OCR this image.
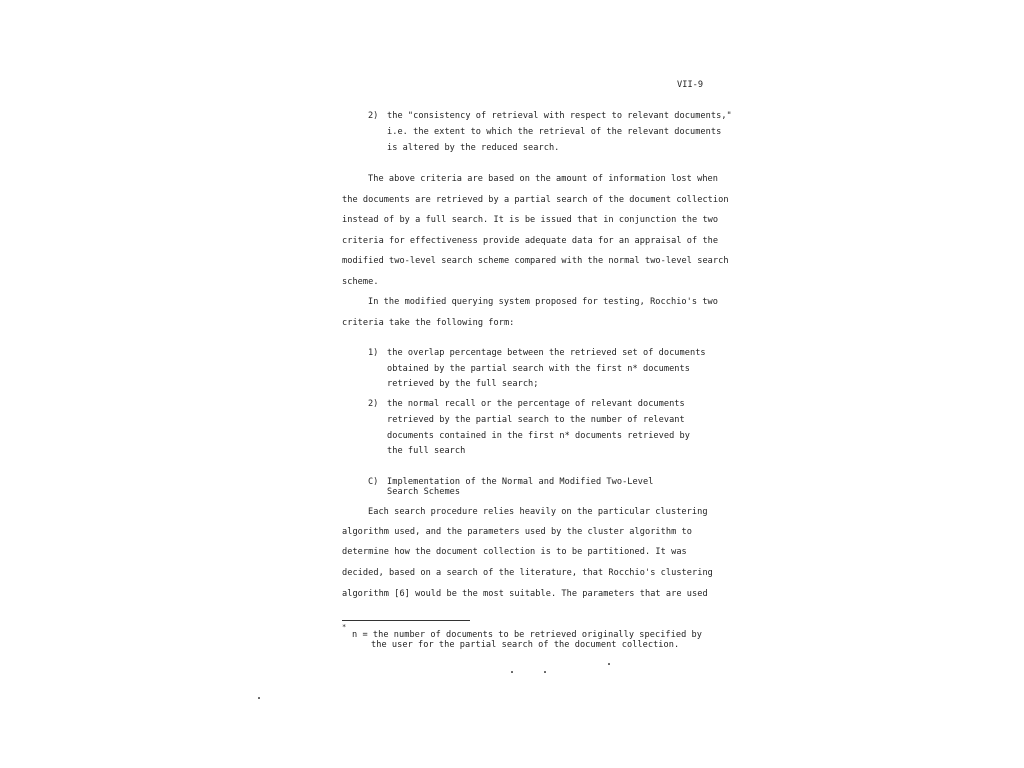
VII-9
2) the "consistency of retrieval with respect to relevant documents,"
i.e. the extent to which the retrieval of the relevant documents
is altered by the reduced search.
The above criteria are based on the amount of information lost when
the documents are retrieved by a partial search of the document collection
instead of by a full search. It is be issued that in conjunction the two
criteria for effectiveness provide adequate data for an appraisal of the
modified two-level search scheme compared with the normal two-level search
scheme.
In the modified querying system proposed for testing, Rocchio's two
criteria take the following form:
1) the overlap percentage between the retrieved set of documents
obtained by the partial search with the first n* documents
retrieved by the full search;
2) the normal recall or the percentage of relevant documents
retrieved by the partial search to the number of relevant
documents contained in the first n* documents retrieved by
the full search
C) Implementation of the Normal and Modified Two-Level
Search Schemes
Each search procedure relies heavily on the particular clustering
algorithm used, and the parameters used by the cluster algorithm to
determine how the document collection is to be partitioned. It was
decided, based on a search of the literature, that Rocchio's clustering
algorithm [6] would be the most suitable. The parameters that are used
*
n = the number of documents to be retrieved originally specified by
the user for the partial search of the document collection.
